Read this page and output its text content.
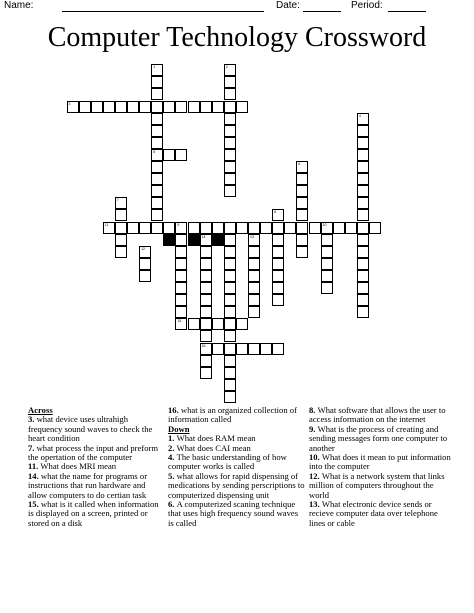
Name:	Date:	Period:
Computer Technology Crossword
1
5
2
3
4
6
7
8
11	9	10
15
14
16
13
12
Across
3. what device uses ultrahigh frequency sound waves to check the heart condition
7. what process the input and preform the opertation of the computer
11. What does MRI mean
14. what the name for programs or instructions that run hardware and allow computers to do certian task
15. what is it called when information is displayed on a screen, printed or stored on a disk
16. what is an organized collection of information called
Down
1. What does RAM mean
2. What does CAI mean
4. The basic understanding of how computer works is called
5. what allows for rapid dispensing of medications by sending perscriptions to computerized dispensing unit
6. A computerized scaning technique that uses high frequency sound waves is called
8. What software that allows the user to access information on the internet
9. What is the process of creating and sending messages form one computer to another
10. What does it mean to put information into the computer
12. What is a network system that links million of computers throughout the world
13. What electronic device sends or recieve computer data over telephone lines or cable
